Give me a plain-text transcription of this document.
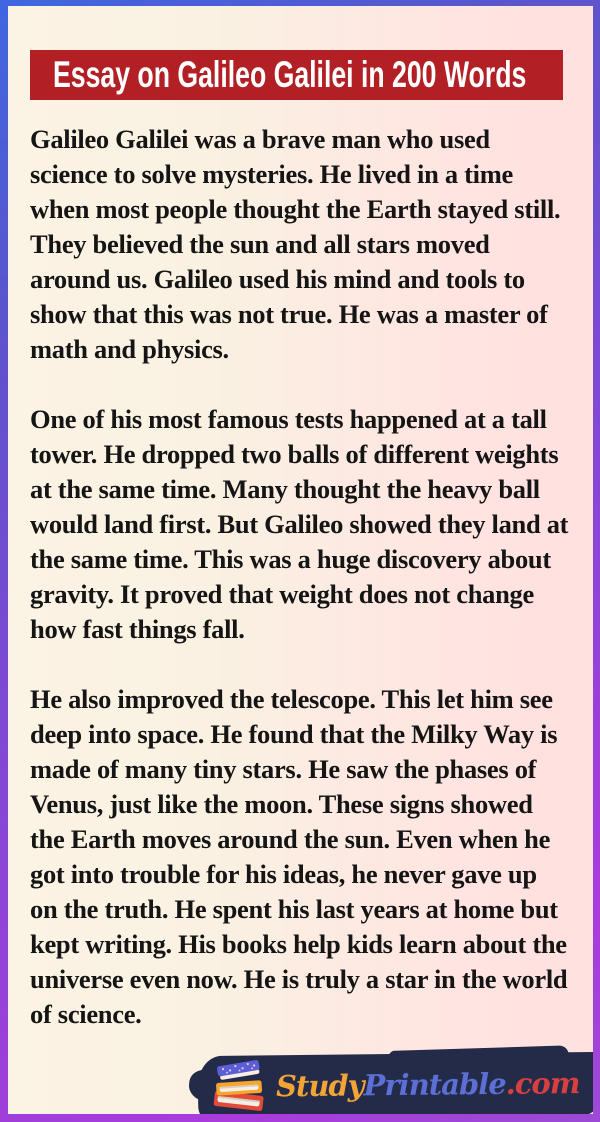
Essay on Galileo Galilei in 200 Words

Galileo Galilei was a brave man who used science to solve mysteries. He lived in a time when most people thought the Earth stayed still. They believed the sun and all stars moved around us. Galileo used his mind and tools to show that this was not true. He was a master of math and physics.

One of his most famous tests happened at a tall tower. He dropped two balls of different weights at the same time. Many thought the heavy ball would land first. But Galileo showed they land at the same time. This was a huge discovery about gravity. It proved that weight does not change how fast things fall.

He also improved the telescope. This let him see deep into space. He found that the Milky Way is made of many tiny stars. He saw the phases of Venus, just like the moon. These signs showed the Earth moves around the sun. Even when he got into trouble for his ideas, he never gave up on the truth. He spent his last years at home but kept writing. His books help kids learn about the universe even now. He is truly a star in the world of science.

StudyPrintable.com
